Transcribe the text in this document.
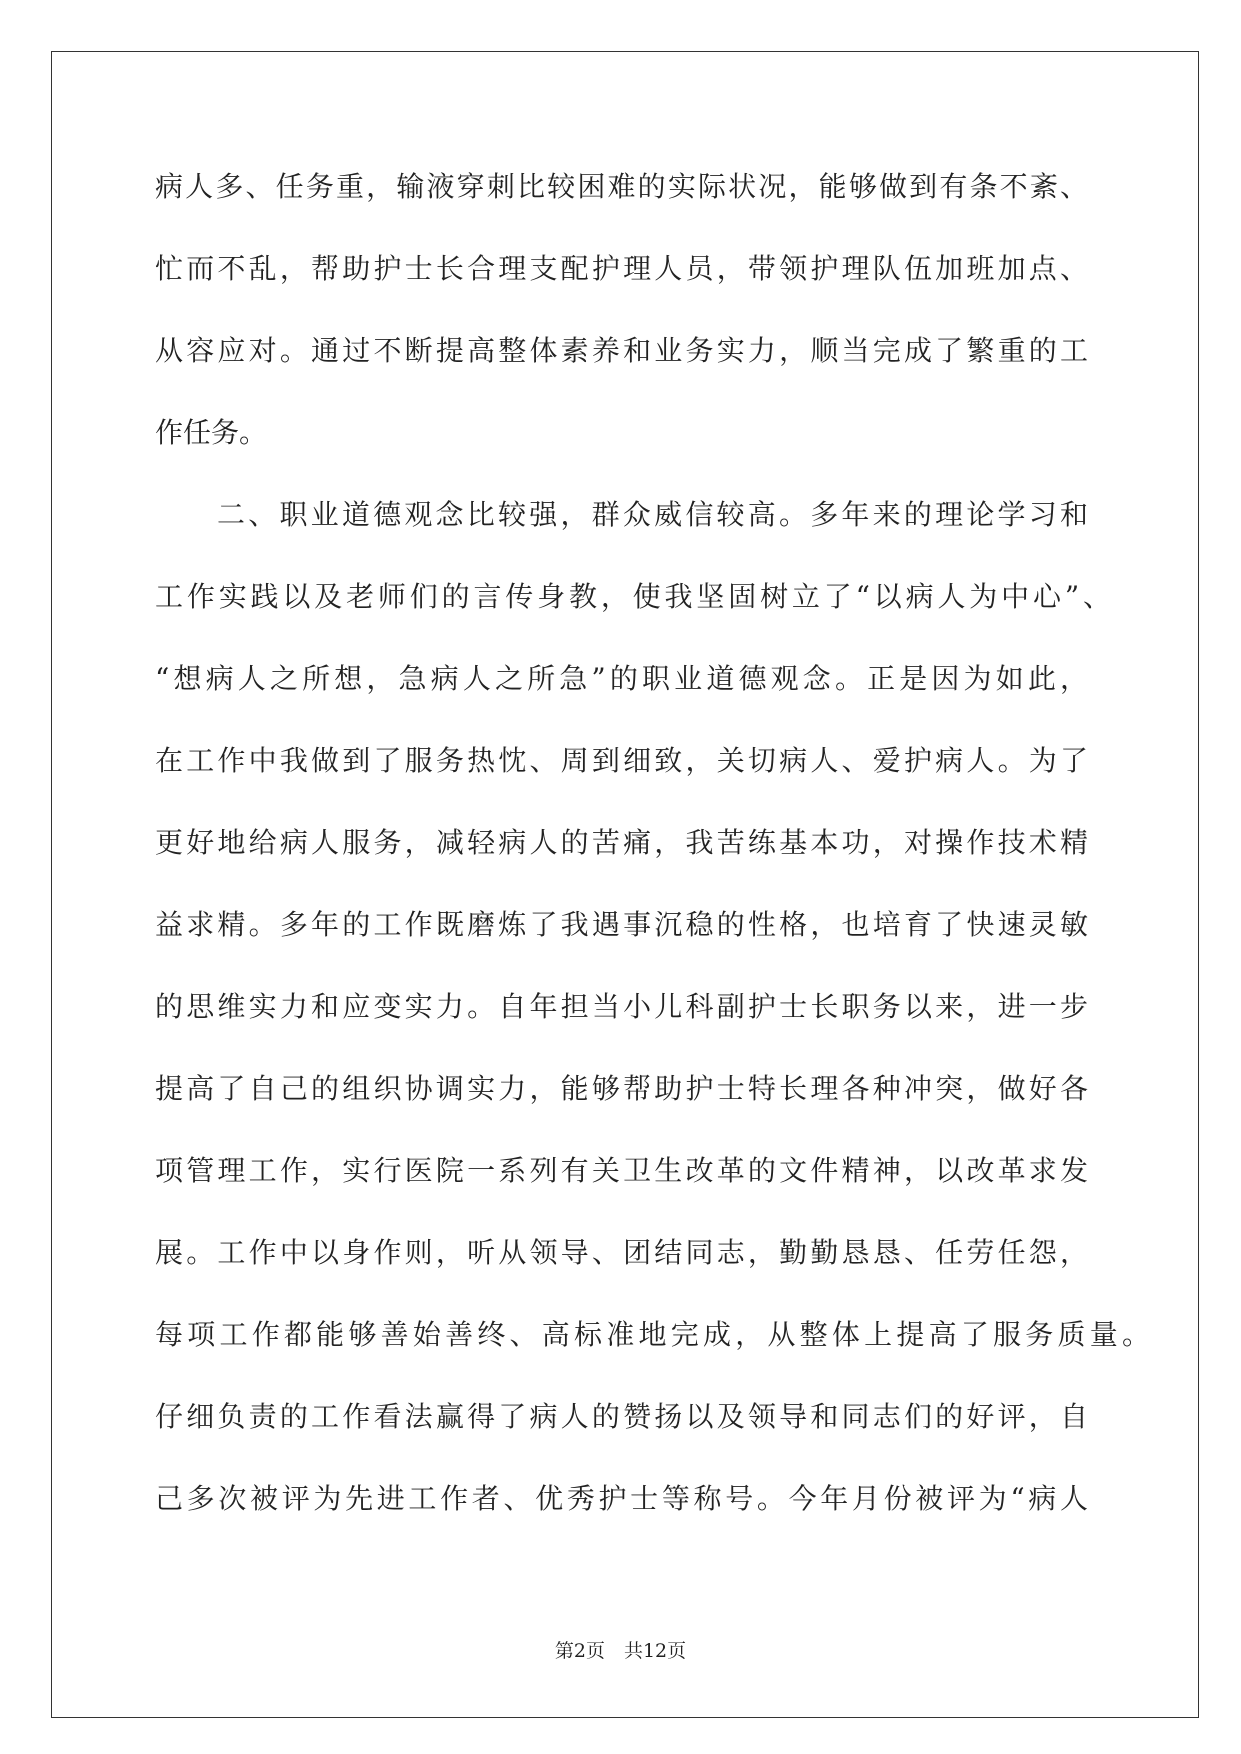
病人多、任务重，输液穿刺比较困难的实际状况，能够做到有条不紊、
忙而不乱，帮助护士长合理支配护理人员，带领护理队伍加班加点、
从容应对。通过不断提高整体素养和业务实力，顺当完成了繁重的工
作任务。
二、职业道德观念比较强，群众威信较高。多年来的理论学习和
工作实践以及老师们的言传身教，使我坚固树立了“以病人为中心”、
“想病人之所想，急病人之所急”的职业道德观念。正是因为如此，
在工作中我做到了服务热忱、周到细致，关切病人、爱护病人。为了
更好地给病人服务，减轻病人的苦痛，我苦练基本功，对操作技术精
益求精。多年的工作既磨炼了我遇事沉稳的性格，也培育了快速灵敏
的思维实力和应变实力。自年担当小儿科副护士长职务以来，进一步
提高了自己的组织协调实力，能够帮助护士特长理各种冲突，做好各
项管理工作，实行医院一系列有关卫生改革的文件精神，以改革求发
展。工作中以身作则，听从领导、团结同志，勤勤恳恳、任劳任怨，
每项工作都能够善始善终、高标准地完成，从整体上提高了服务质量。
仔细负责的工作看法赢得了病人的赞扬以及领导和同志们的好评，自
己多次被评为先进工作者、优秀护士等称号。今年月份被评为“病人
第2页　共12页
